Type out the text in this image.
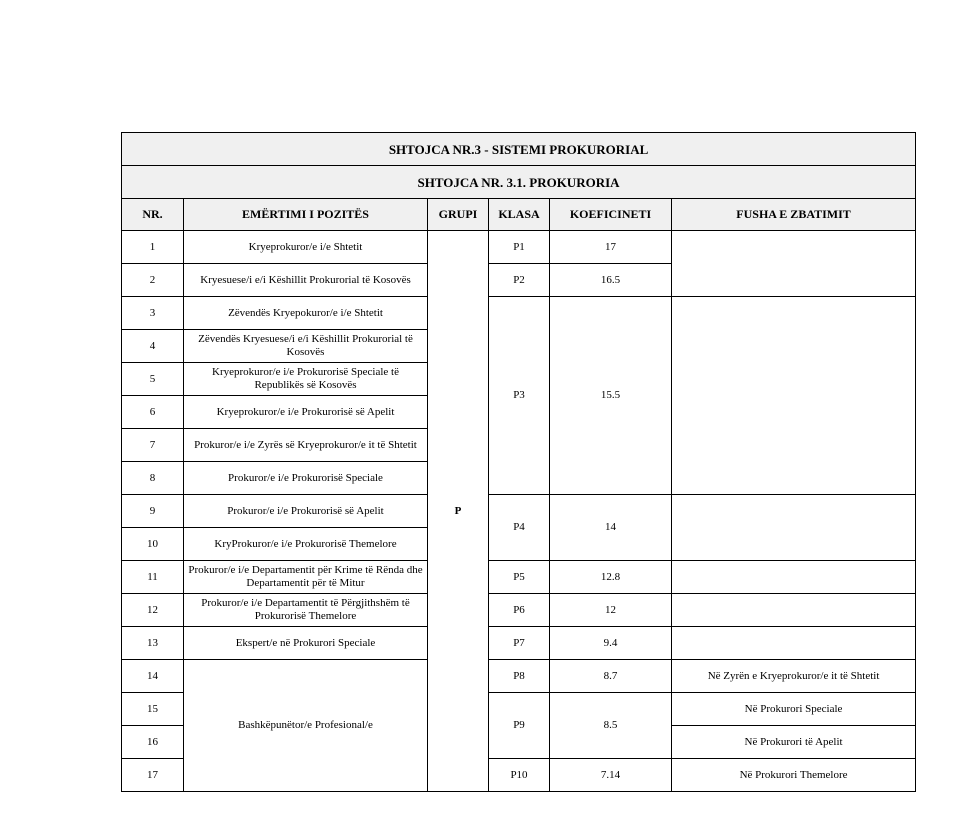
SHTOJCA NR.3 - SISTEMI PROKURORIAL					
SHTOJCA NR. 3.1. PROKURORIA					
NR.	EMËRTIMI I POZITËS	GRUPI	KLASA	KOEFICINETI	FUSHA E ZBATIMIT
1	Kryeprokuror/e i/e Shtetit	P	P1	17	
2	Kryesuese/i e/i Këshillit Prokurorial të Kosovës		P2	16.5	
3	Zëvendës Kryepokuror/e i/e Shtetit		P3	15.5	
4	Zëvendës Kryesuese/i e/i Këshillit Prokurorial të Kosovës				
5	Kryeprokuror/e i/e Prokurorisë Speciale të Republikës së Kosovës				
6	Kryeprokuror/e i/e Prokurorisë së Apelit				
7	Prokuror/e i/e Zyrës së Kryeprokuror/e it të Shtetit				
8	Prokuror/e i/e Prokurorisë Speciale				
9	Prokuror/e i/e Prokurorisë së Apelit		P4	14	
10	KryProkuror/e i/e Prokurorisë Themelore				
11	Prokuror/e i/e Departamentit për Krime të Rënda dhe Departamentit për të Mitur		P5	12.8	
12	Prokuror/e i/e Departamentit të Përgjithshëm të Prokurorisë Themelore		P6	12	
13	Ekspert/e në Prokurori Speciale		P7	9.4	
14	Bashkëpunëtor/e Profesional/e		P8	8.7	Në Zyrën e Kryeprokuror/e it të Shtetit
15			P9	8.5	Në Prokurori Speciale
16					Në Prokurori të Apelit
17			P10	7.14	Në Prokurori Themelore
